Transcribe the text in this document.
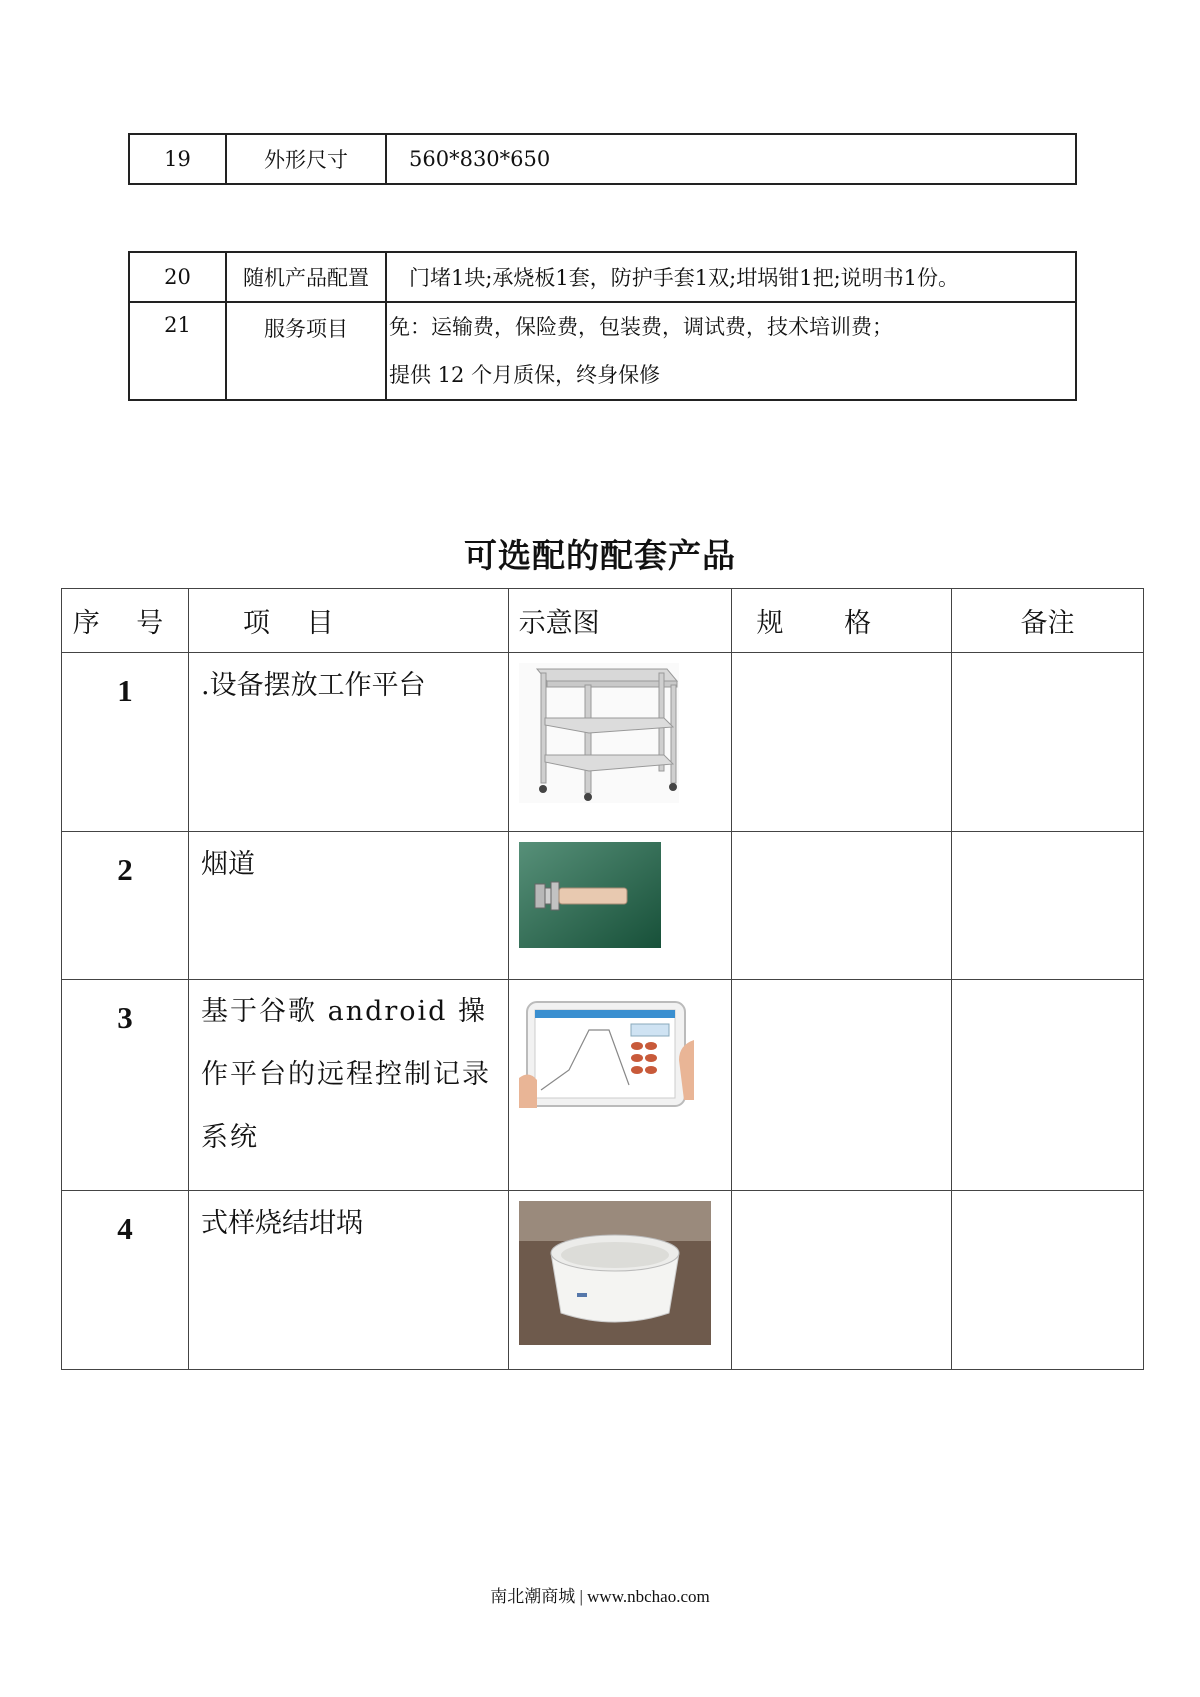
19	外形尺寸	560*830*650
20	随机产品配置	门堵1块;承烧板1套，防护手套1双;坩埚钳1把;说明书1份。
21	服务项目	免：运输费，保险费，包装费，调试费，技术培训费；
提供 12 个月质保，终身保修
可选配的配套产品
序 号	项 目	示意图	规 格	备注
1	.设备摆放工作平台			
2	烟道			
3	基于谷歌 android 操作平台的远程控制记录系统			
4	式样烧结坩埚			
南北潮商城 | www.nbchao.com
